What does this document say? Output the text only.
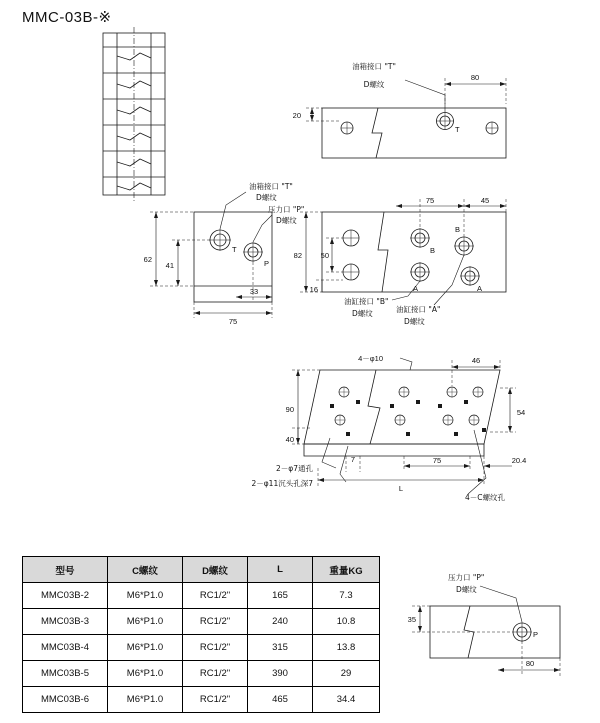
MMC-03B-※
油箱接口 "T"
D螺纹
80
20
T
油箱接口 "T"
D螺纹
压力口 "P"
D螺纹
T
P
62
41
33
75
75	45
82 50
16
B
B
A	A
油缸接口 "B"
D螺纹	油缸接口 "A"
D螺纹
4－φ10	46
90
40
54
7	75
L
20.4
2－φ7通孔
2－φ11沉头孔深7
4－C螺纹孔
压力口 "P"
D螺纹
P
35
80
型号	C螺纹	D螺纹	L	重量KG
MMC03B-2	M6*P1.0	RC1/2"	165	7.3
MMC03B-3	M6*P1.0	RC1/2"	240	10.8
MMC03B-4	M6*P1.0	RC1/2"	315	13.8
MMC03B-5	M6*P1.0	RC1/2"	390	29
MMC03B-6	M6*P1.0	RC1/2"	465	34.4
